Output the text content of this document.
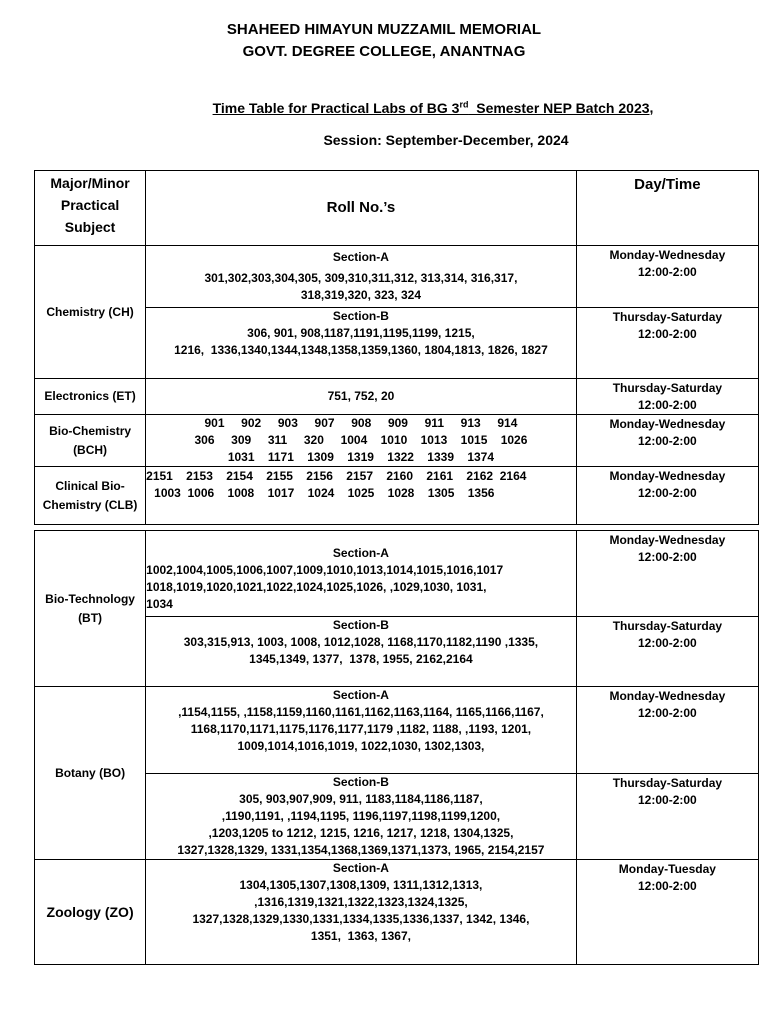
SHAHEED HIMAYUN MUZZAMIL MEMORIAL
GOVT. DEGREE COLLEGE, ANANTNAG
Time Table for Practical Labs of BG 3rd  Semester NEP Batch 2023,
Session: September-December, 2024
Major/Minor Practical Subject	Roll No.’s	Day/Time
Chemistry (CH)	Section-A
301,302,303,304,305, 309,310,311,312, 313,314, 316,317,
318,319,320, 323, 324	Monday-Wednesday
12:00-2:00

	Section-B
306, 901, 908,1187,1191,1195,1199, 1215,
1216,  1336,1340,1344,1348,1358,1359,1360, 1804,1813, 1826, 1827	Thursday-Saturday
12:00-2:00

Electronics (ET)	751, 752, 20	Thursday-Saturday
12:00-2:00

Bio-Chemistry (BCH)	901     902     903     907     908     909     911     913     914
306     309     311     320     1004    1010    1013    1015    1026
1031    1171    1309    1319    1322    1339    1374	Monday-Wednesday
12:00-2:00

Clinical Bio-Chemistry (CLB)	2151    2153    2154    2155    2156    2157    2160    2161    2162  2164
1003  1006    1008    1017    1024    1025    1028    1305    1356	Monday-Wednesday
12:00-2:00
Bio-Technology (BT)	Section-A
1002,1004,1005,1006,1007,1009,1010,1013,1014,1015,1016,1017
1018,1019,1020,1021,1022,1024,1025,1026, ,1029,1030, 1031,
1034	Monday-Wednesday
12:00-2:00

	Section-B
303,315,913, 1003, 1008, 1012,1028, 1168,1170,1182,1190 ,1335,
1345,1349, 1377,  1378, 1955, 2162,2164	Thursday-Saturday
12:00-2:00

Botany (BO)	Section-A
,1154,1155, ,1158,1159,1160,1161,1162,1163,1164, 1165,1166,1167,
1168,1170,1171,1175,1176,1177,1179 ,1182, 1188, ,1193, 1201,
1009,1014,1016,1019, 1022,1030, 1302,1303,	Monday-Wednesday
12:00-2:00

	Section-B
305, 903,907,909, 911, 1183,1184,1186,1187,
,1190,1191, ,1194,1195, 1196,1197,1198,1199,1200,
,1203,1205 to 1212, 1215, 1216, 1217, 1218, 1304,1325,
1327,1328,1329, 1331,1354,1368,1369,1371,1373, 1965, 2154,2157	Thursday-Saturday
12:00-2:00

Zoology (ZO)	Section-A
1304,1305,1307,1308,1309, 1311,1312,1313,
,1316,1319,1321,1322,1323,1324,1325,
1327,1328,1329,1330,1331,1334,1335,1336,1337, 1342, 1346,
1351,  1363, 1367,	Monday-Tuesday
12:00-2:00
